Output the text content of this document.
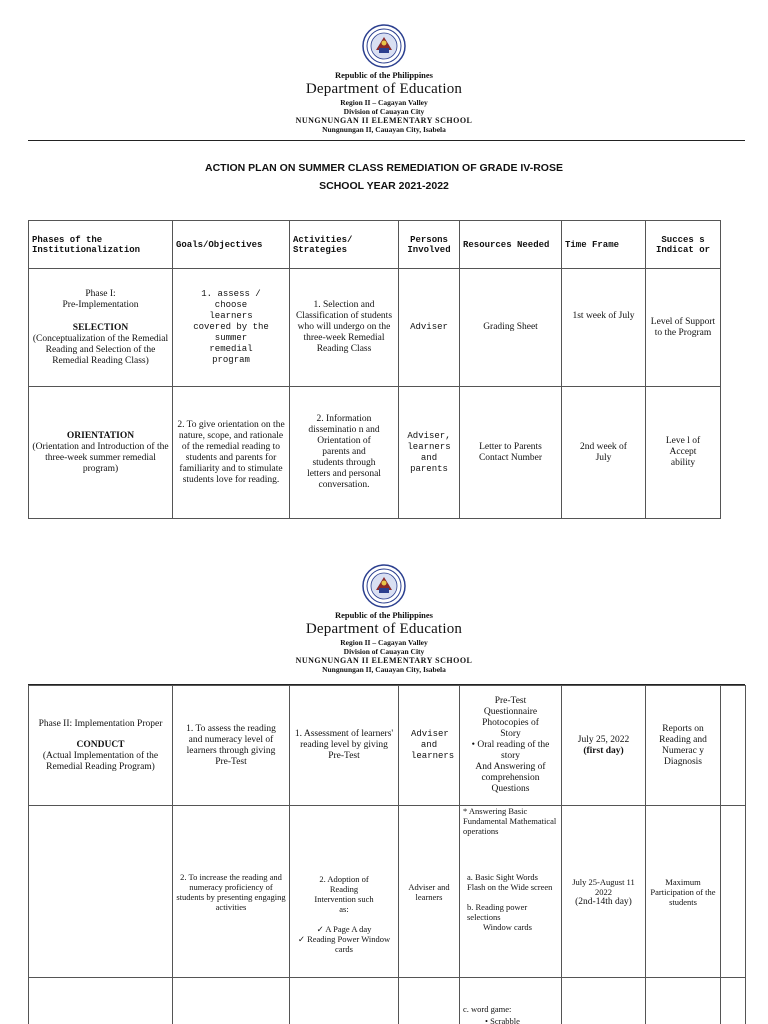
Republic of the Philippines
Department of Education
Region II – Cagayan Valley
Division of Cauayan City
NUNGNUNGAN II ELEMENTARY SCHOOL
Nungnungan II, Cauayan City, Isabela
ACTION PLAN ON SUMMER CLASS REMEDIATION OF GRADE IV-ROSE
SCHOOL YEAR 2021-2022
Phases of the Institutionalization	Goals/Objectives	Activities/ Strategies	Persons Involved	Resources Needed	Time Frame	Succes s Indicat or

Phase I:
Pre-Implementation
SELECTION
(Conceptualization of the Remedial Reading and Selection of the Remedial Reading Class)	1. assess / choose learners covered by the summer remedial program	1. Selection and Classification of students who will undergo on the three-week Remedial Reading Class	Adviser	Grading Sheet	1st week of July	Level of Support to the Program

ORIENTATION
(Orientation and Introduction of the three-week summer remedial program)	2. To give orientation on the nature, scope, and rationale of the remedial reading to students and parents for familiarity and to stimulate students love for reading.	2. Information disseminatio n and Orientation of parents and students through letters and personal conversation.	Adviser, learners and parents	Letter to Parents Contact Number	2nd week of July	Leve l of Accept ability
Republic of the Philippines
Department of Education
Region II – Cagayan Valley
Division of Cauayan City
NUNGNUNGAN II ELEMENTARY SCHOOL
Nungnungan II, Cauayan City, Isabela
Phase II: Implementation Proper
CONDUCT
(Actual Implementation of the Remedial Reading Program)	1. To assess the reading and numeracy level of learners through giving Pre-Test	1. Assessment of learners' reading level by giving Pre-Test	Adviser and learners	Pre-Test Questionnaire Photocopies of Story
• Oral reading of the story
And Answering of comprehension Questions	July 25, 2022
(first day)	Reports on Reading and Numerac y Diagnosis	
	2. To increase the reading and numeracy proficiency of students by presenting engaging activities	2. Adoption of Reading Intervention such as:
✓ A Page A day
✓ Reading Power Window cards	Adviser and learners	* Answering Basic Fundamental Mathematical operations
a. Basic Sight Words Flash on the Wide screen
b. Reading power selections
Window cards	July 25-August 11 2022
(2nd-14th day)	Maximum Participation of the students	

				c. word game:
• Scrabble			
